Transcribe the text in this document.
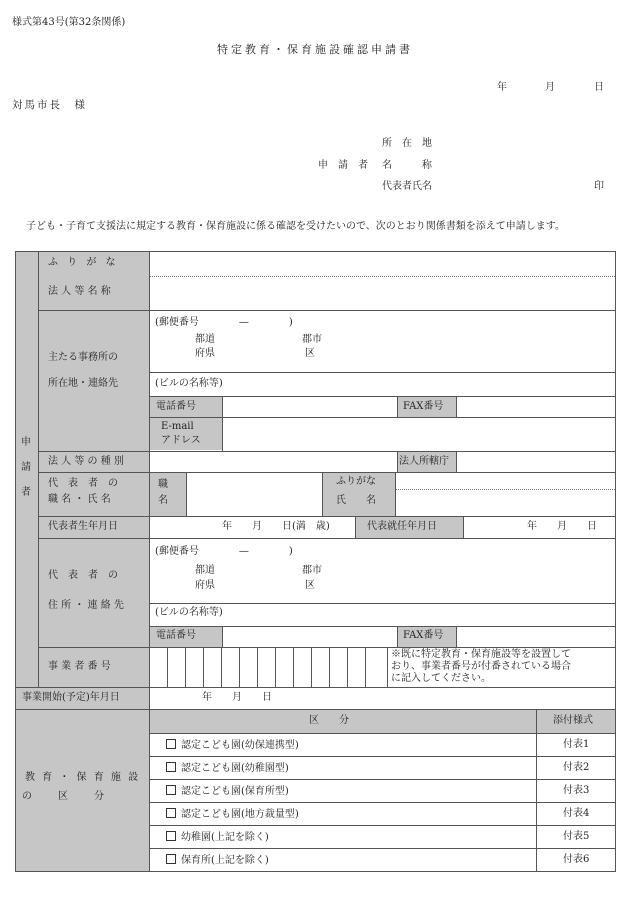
様式第43号(第32条関係)
特定教育・保育施設確認申請書
年	月	日
対馬市長　様
所　在　地
申　請　者 名　　　称
代表者氏名	印
子ども・子育て支援法に規定する教育・保育施設に係る確認を受けたいので、次のとおり関係書類を添えて申請します。
申
請
者
ふ り が な
法 人 等 名 称
主たる事務所の
所在地・連絡先
(郵便番号　　　　—　　　　)
都道
府県
郡市
区
(ビルの名称等)
電話番号	FAX番号
E-mail
アドレス
法 人 等 の 種 別	法人所轄庁
代　表　者　の
職 名 ・ 氏 名
職
名
ふりがな
氏　　名
代表者生年月日	年　　月　　日(満　歳)	代表就任年月日	年　　月　　日
代　表　者　の
住 所 ・ 連 絡 先
(郵便番号　　　　—　　　　)
都道
府県
郡市
区
(ビルの名称等)
電話番号	FAX番号
事 業 者 番 号
※既に特定教育・保育施設等を設置して
おり、事業者番号が付番されている場合
に記入してください。
事業開始(予定)年月日	年　　月　　日
教 育 ・ 保 育 施 設
の　　区　　分
区　　分	添付様式
認定こども園(幼保連携型)	付表1
認定こども園(幼稚園型)	付表2
認定こども園(保育所型)	付表3
認定こども園(地方裁量型)	付表4
幼稚園(上記を除く)	付表5
保育所(上記を除く)	付表6
